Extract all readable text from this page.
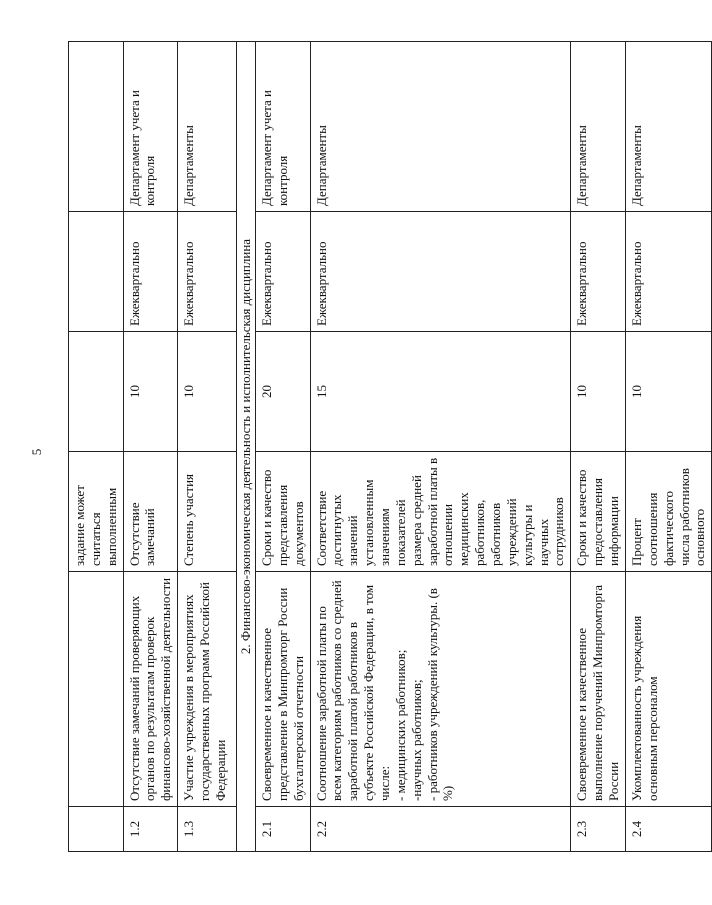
5
		задание может считаться выполненным			
1.2	Отсутствие замечаний проверяющих органов по результатам проверок финансово-хозяйственной деятельности	Отсутствие замечаний	10	Ежеквартально	Департамент учета и контроля
1.3	Участие учреждения в мероприятиях государственных программ Российской Федерации	Степень участия	10	Ежеквартально	Департаменты
2. Финансово-экономическая деятельность и исполнительская дисциплина					
2.1	Своевременное и качественное представление в Минпромторг России бухгалтерской отчетности	Сроки и качество представления документов	20	Ежеквартально	Департамент учета и контроля
2.2	Соотношение заработной платы по всем категориям работников со средней заработной платой работников в субъекте Российской Федерации, в том числе: - медицинских работников; -научных работников; - работников учреждений культуры. (в %)	Соответствие достигнутых значений установленным значениям показателей размера средней заработной платы в отношении медицинских работников, работников учреждений культуры и научных сотрудников	15	Ежеквартально	Департаменты
2.3	Своевременное и качественное выполнение поручений Минпромторга России	Сроки и качество предоставления информации	10	Ежеквартально	Департаменты
2.4	Укомплектованность учреждения основным персоналом	Процент соотношения фактического числа работников основного	10	Ежеквартально	Департаменты
